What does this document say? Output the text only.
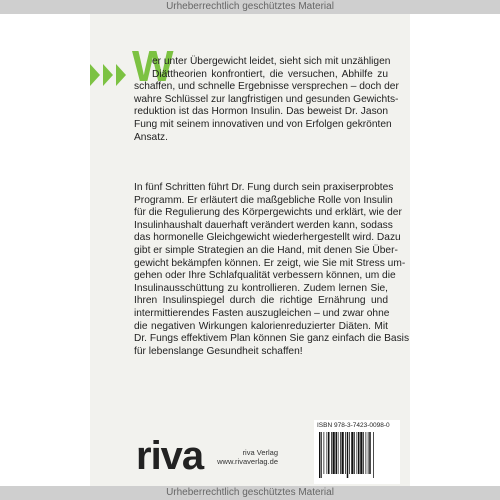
Urheberrechtlich geschütztes Material
W
er unter Übergewicht leidet, sieht sich mit unzähligen
Diättheorien konfrontiert, die versuchen, Abhilfe zu
schaffen, und schnelle Ergebnisse versprechen – doch der
wahre Schlüssel zur langfristigen und gesunden Gewichts-
reduktion ist das Hormon Insulin. Das beweist Dr. Jason
Fung mit seinem innovativen und von Erfolgen gekrönten
Ansatz.
In fünf Schritten führt Dr. Fung durch sein praxiserprobtes
Programm. Er erläutert die maßgebliche Rolle von Insulin
für die Regulierung des Körpergewichts und erklärt, wie der
Insulinhaushalt dauerhaft verändert werden kann, sodass
das hormonelle Gleichgewicht wiederhergestellt wird. Dazu
gibt er simple Strategien an die Hand, mit denen Sie Über-
gewicht bekämpfen können. Er zeigt, wie Sie mit Stress um-
gehen oder Ihre Schlafqualität verbessern können, um die
Insulinausschüttung zu kontrollieren. Zudem lernen Sie,
Ihren Insulinspiegel durch die richtige Ernährung und
intermittierendes Fasten auszugleichen – und zwar ohne
die negativen Wirkungen kalorienreduzierter Diäten. Mit
Dr. Fungs effektivem Plan können Sie ganz einfach die Basis
für lebenslange Gesundheit schaffen!
riva	riva Verlag
www.rivaverlag.de
ISBN 978-3-7423-0098-0
Urheberrechtlich geschütztes Material
